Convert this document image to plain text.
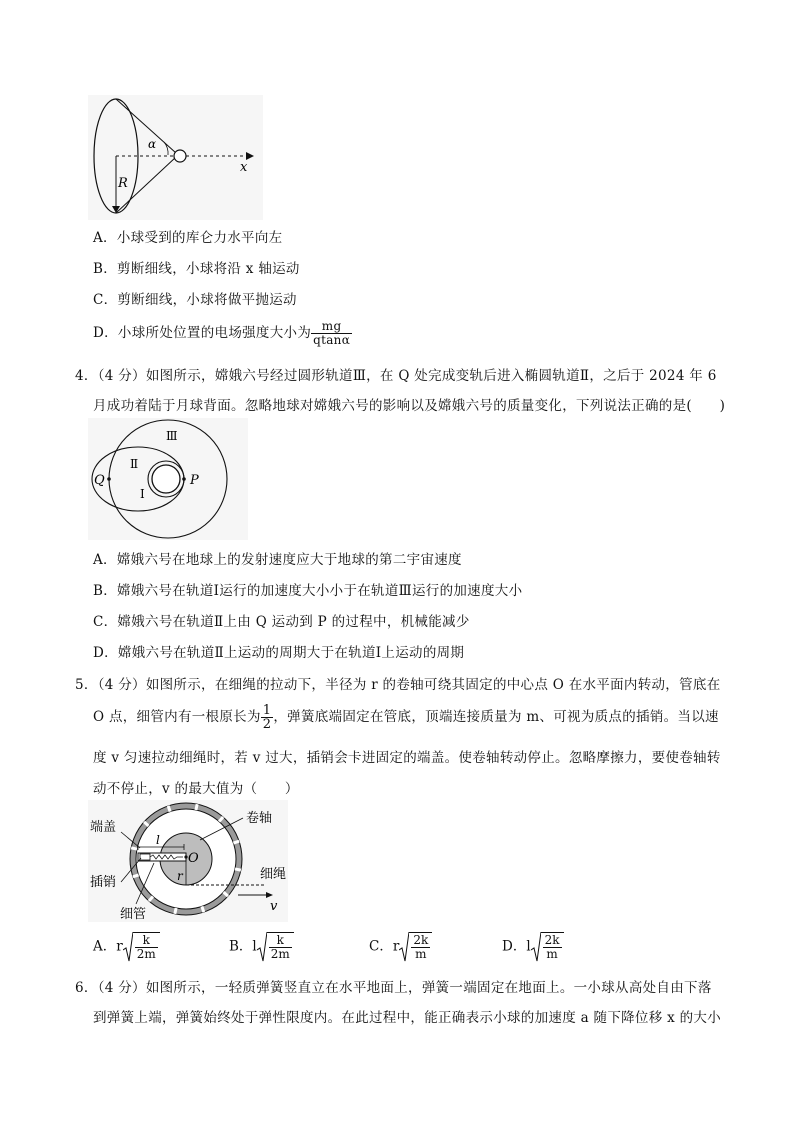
α
x
R
A．小球受到的库仑力水平向左
B．剪断细线，小球将沿 x 轴运动
C．剪断细线，小球将做平抛运动
D．小球所处位置的电场强度大小为 $\frac{mg}{qtan\alpha}$
4．（4 分）如图所示，嫦娥六号经过圆形轨道Ⅲ，在 Q 处完成变轨后进入椭圆轨道Ⅱ，之后于 2024 年 6
月成功着陆于月球背面。忽略地球对嫦娥六号的影响以及嫦娥六号的质量变化，下列说法正确的是(　　)
Ⅲ
Ⅱ
Ⅰ
Q	P
A．嫦娥六号在地球上的发射速度应大于地球的第二宇宙速度
B．嫦娥六号在轨道Ⅰ运行的加速度大小小于在轨道Ⅲ运行的加速度大小
C．嫦娥六号在轨道Ⅱ上由 Q 运动到 P 的过程中，机械能减少
D．嫦娥六号在轨道Ⅱ上运动的周期大于在轨道Ⅰ上运动的周期
5．（4 分）如图所示，在细绳的拉动下，半径为 r 的卷轴可绕其固定的中心点 O 在水平面内转动，管底在
O 点，细管内有一根原长为 $\frac{1}{2}$ ，弹簧底端固定在管底，顶端连接质量为 m、可视为质点的插销。当以速
度 v 匀速拉动细绳时，若 v 过大，插销会卡进固定的端盖。使卷轴转动停止。忽略摩擦力，要使卷轴转
动不停止，v 的最大值为（　　）
端盖
卷轴
l
O
r	细绳
插销
v
细管
A．r $\frac{k}{2m}$	B．l $\frac{k}{2m}$	C．r $\frac{2k}{m}$	D．l $\frac{2k}{m}$
6．（4 分）如图所示，一轻质弹簧竖直立在水平地面上，弹簧一端固定在地面上。一小球从高处自由下落
到弹簧上端，弹簧始终处于弹性限度内。在此过程中，能正确表示小球的加速度 a 随下降位移 x 的大小
